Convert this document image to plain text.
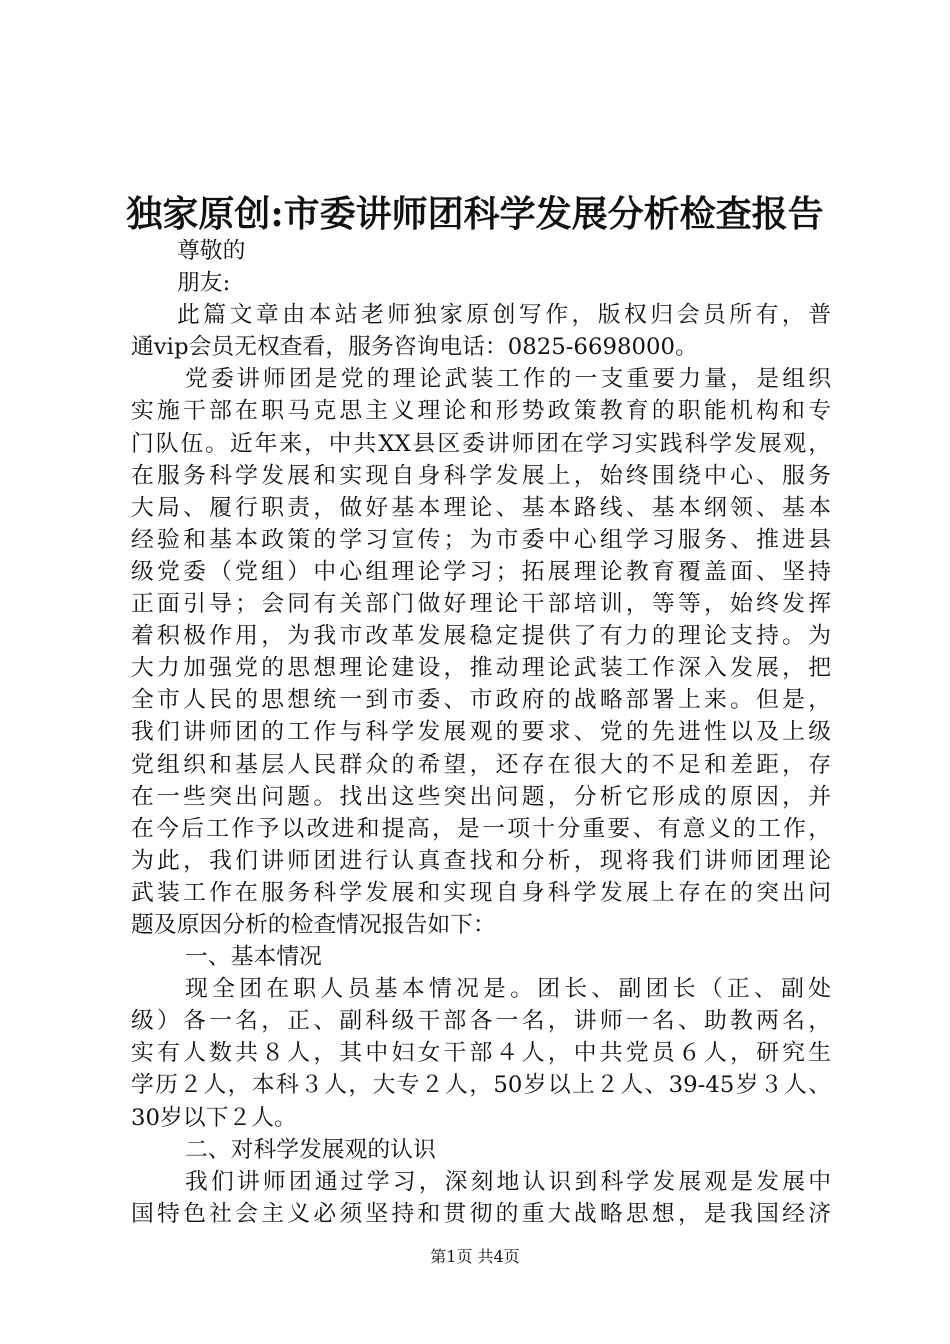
独家原创:市委讲师团科学发展分析检查报告
尊敬的
朋友:
此篇文章由本站老师独家原创写作，版权归会员所有，普
通vip会员无权查看，服务咨询电话：0825-6698000。
党委讲师团是党的理论武装工作的一支重要力量，是组织
实施干部在职马克思主义理论和形势政策教育的职能机构和专
门队伍。近年来，中共XX县区委讲师团在学习实践科学发展观，
在服务科学发展和实现自身科学发展上，始终围绕中心、服务
大局、履行职责，做好基本理论、基本路线、基本纲领、基本
经验和基本政策的学习宣传；为市委中心组学习服务、推进县
级党委（党组）中心组理论学习；拓展理论教育覆盖面、坚持
正面引导；会同有关部门做好理论干部培训，等等，始终发挥
着积极作用，为我市改革发展稳定提供了有力的理论支持。为
大力加强党的思想理论建设，推动理论武装工作深入发展，把
全市人民的思想统一到市委、市政府的战略部署上来。但是，
我们讲师团的工作与科学发展观的要求、党的先进性以及上级
党组织和基层人民群众的希望，还存在很大的不足和差距，存
在一些突出问题。找出这些突出问题，分析它形成的原因，并
在今后工作予以改进和提高，是一项十分重要、有意义的工作，
为此，我们讲师团进行认真查找和分析，现将我们讲师团理论
武装工作在服务科学发展和实现自身科学发展上存在的突出问
题及原因分析的检查情况报告如下：
一、基本情况
现全团在职人员基本情况是。团长、副团长（正、副处
级）各一名，正、副科级干部各一名，讲师一名、助教两名，
实有人数共８人，其中妇女干部４人，中共党员６人，研究生
学历２人，本科３人，大专２人，50岁以上２人、39-45岁３人、
30岁以下２人。
二、对科学发展观的认识
我们讲师团通过学习，深刻地认识到科学发展观是发展中
国特色社会主义必须坚持和贯彻的重大战略思想，是我国经济
第1页 共4页
